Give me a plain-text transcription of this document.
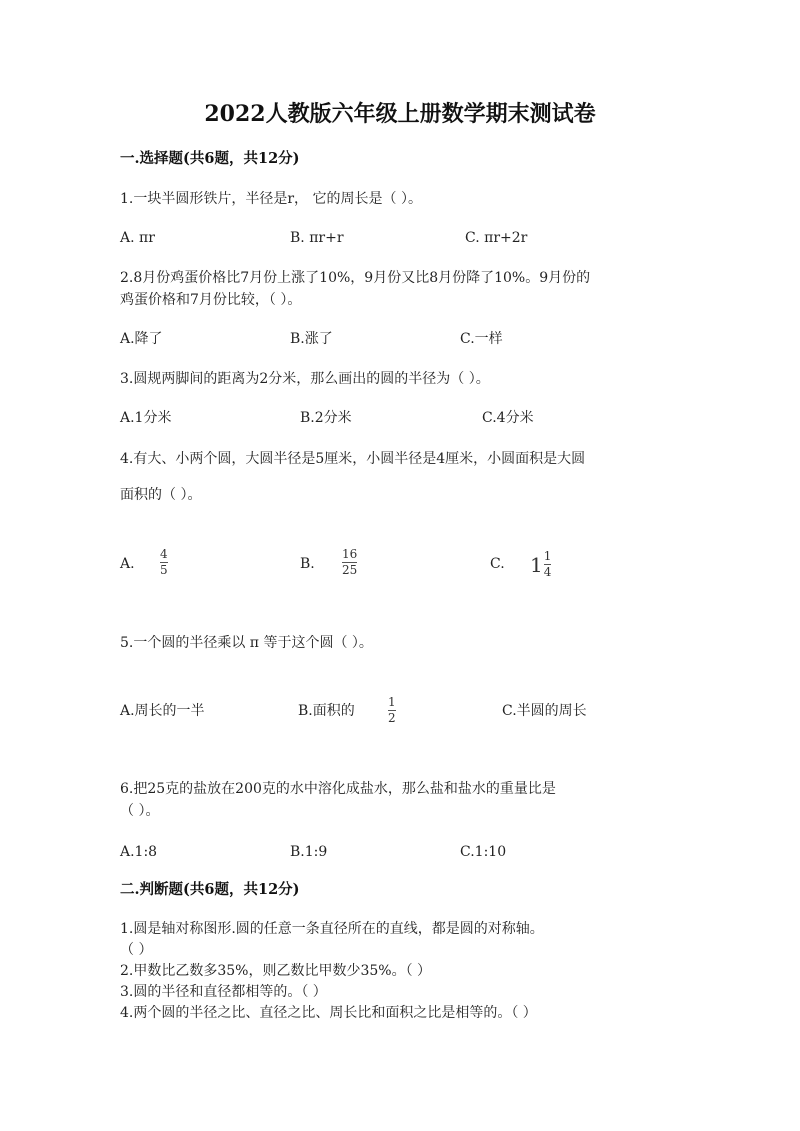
2022人教版六年级上册数学期末测试卷
一.选择题(共6题，共12分)
1.一块半圆形铁片，半径是r， 它的周长是（ ）。
A. πr	B. πr+r	C. πr+2r
2.8月份鸡蛋价格比7月份上涨了10%，9月份又比8月份降了10%。9月份的
鸡蛋价格和7月份比较，（ ）。
A.降了	B.涨了	C.一样
3.圆规两脚间的距离为2分米，那么画出的圆的半径为（ ）。
A.1分米	B.2分米	C.4分米
4.有大、小两个圆，大圆半径是5厘米，小圆半径是4厘米，小圆面积是大圆
面积的（ ）。
A.
4
5	B.
16
25	C. $1 \frac{1}{4}$
5.一个圆的半径乘以 π 等于这个圆（ ）。
A.周长的一半	B.面积的
1
2	C.半圆的周长
6.把25克的盐放在200克的水中溶化成盐水，那么盐和盐水的重量比是
（ ）。
A.1:8	B.1:9	C.1:10
二.判断题(共6题，共12分)
1.圆是轴对称图形.圆的任意一条直径所在的直线，都是圆的对称轴。
（ ）
2.甲数比乙数多35%，则乙数比甲数少35%。（ ）
3.圆的半径和直径都相等的。（ ）
4.两个圆的半径之比、直径之比、周长比和面积之比是相等的。（ ）
